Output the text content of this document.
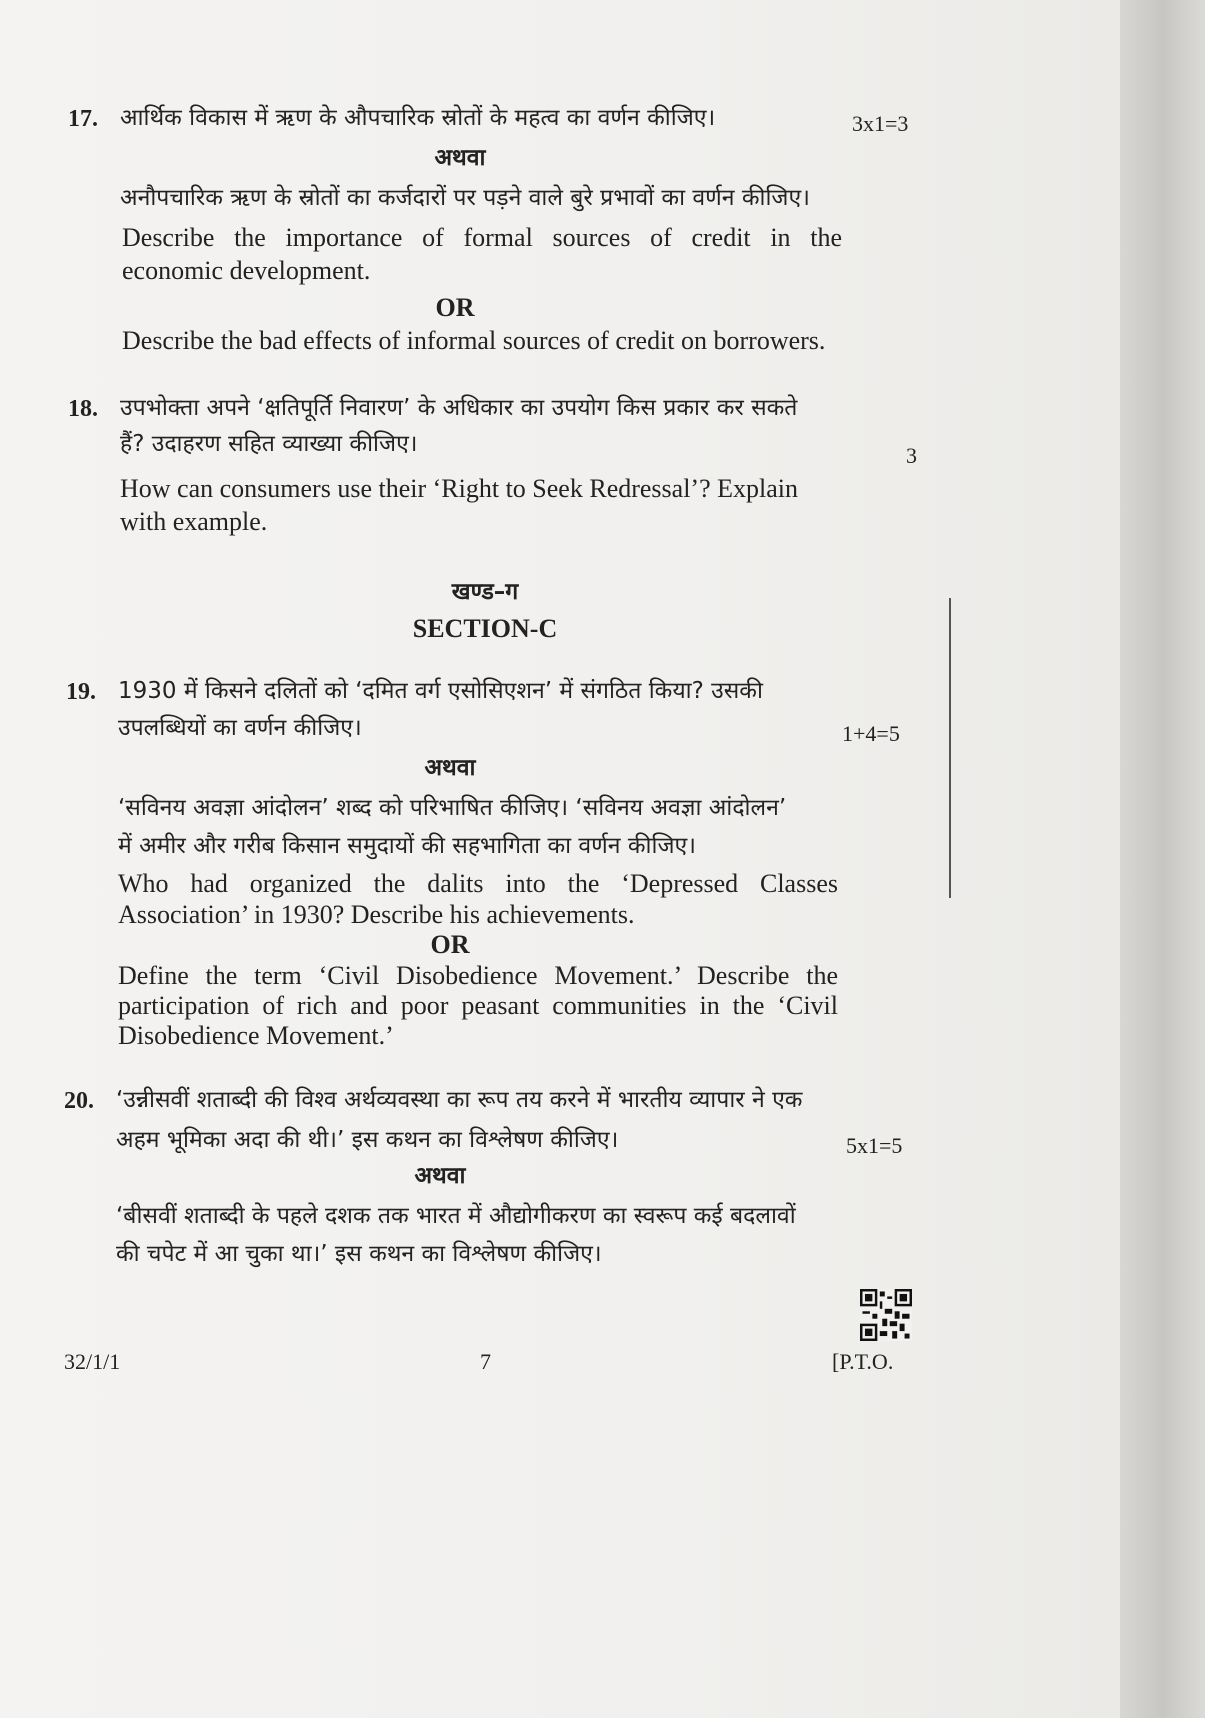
17. आर्थिक विकास में ऋण के औपचारिक स्रोतों के महत्व का वर्णन कीजिए।	3x1=3
अथवा
अनौपचारिक ऋण के स्रोतों का कर्जदारों पर पड़ने वाले बुरे प्रभावों का वर्णन कीजिए।
Describe the importance of formal sources of credit in the
economic development.
OR
Describe the bad effects of informal sources of credit on borrowers.
18. उपभोक्ता अपने ‘क्षतिपूर्ति निवारण’ के अधिकार का उपयोग किस प्रकार कर सकते
हैं? उदाहरण सहित व्याख्या कीजिए।	3
How can consumers use their ‘Right to Seek Redressal’? Explain
with example.
खण्ड–ग
SECTION-C
19. 1930 में किसने दलितों को ‘दमित वर्ग एसोसिएशन’ में संगठित किया? उसकी
उपलब्धियों का वर्णन कीजिए।	1+4=5
अथवा
‘सविनय अवज्ञा आंदोलन’ शब्द को परिभाषित कीजिए। ‘सविनय अवज्ञा आंदोलन’
में अमीर और गरीब किसान समुदायों की सहभागिता का वर्णन कीजिए।
Who had organized the dalits into the ‘Depressed Classes
Association’ in 1930? Describe his achievements.
OR
Define the term ‘Civil Disobedience Movement.’ Describe the
participation of rich and poor peasant communities in the ‘Civil
Disobedience Movement.’
20. ‘उन्नीसवीं शताब्दी की विश्व अर्थव्यवस्था का रूप तय करने में भारतीय व्यापार ने एक
अहम भूमिका अदा की थी।’ इस कथन का विश्लेषण कीजिए।	5x1=5
अथवा
‘बीसवीं शताब्दी के पहले दशक तक भारत में औद्योगीकरण का स्वरूप कई बदलावों
की चपेट में आ चुका था।’ इस कथन का विश्लेषण कीजिए।
32/1/1	7	[P.T.O.
